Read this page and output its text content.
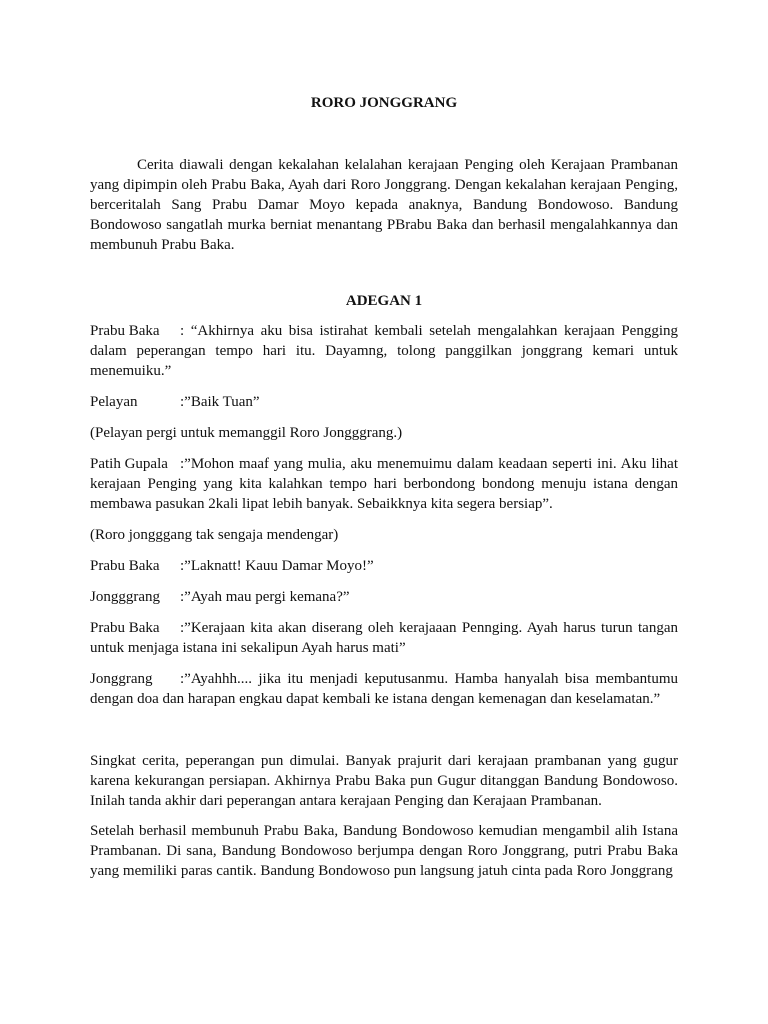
RORO JONGGRANG

Cerita diawali dengan kekalahan kelalahan kerajaan Penging oleh Kerajaan Prambanan yang dipimpin oleh Prabu Baka, Ayah dari Roro Jonggrang. Dengan kekalahan kerajaan Penging, berceritalah Sang Prabu Damar Moyo kepada anaknya, Bandung Bondowoso. Bandung Bondowoso sangatlah murka berniat menantang PBrabu Baka dan berhasil mengalahkannya dan membunuh Prabu Baka.

ADEGAN 1

Prabu Baka : “Akhirnya aku bisa istirahat kembali setelah mengalahkan kerajaan Pengging dalam peperangan tempo hari itu. Dayamng, tolong panggilkan jonggrang kemari untuk menemuiku.”

Pelayan	:”Baik Tuan”

(Pelayan pergi untuk memanggil Roro Jongggrang.)

Patih Gupala :”Mohon maaf yang mulia, aku menemuimu dalam keadaan seperti ini. Aku lihat kerajaan Penging yang kita kalahkan tempo hari berbondong bondong menuju istana dengan membawa pasukan 2kali lipat lebih banyak. Sebaikknya kita segera bersiap”.

(Roro jongggang tak sengaja mendengar)

Prabu Baka :”Laknatt! Kauu Damar Moyo!”

Jongggrang :”Ayah mau pergi kemana?”

Prabu Baka :”Kerajaan kita akan diserang oleh kerajaaan Pennging. Ayah harus turun tangan untuk menjaga istana ini sekalipun Ayah harus mati”

Jonggrang :”Ayahhh.... jika itu menjadi keputusanmu. Hamba hanyalah bisa membantumu dengan doa dan harapan engkau dapat kembali ke istana dengan kemenagan dan keselamatan.”

Singkat cerita, peperangan pun dimulai. Banyak prajurit dari kerajaan prambanan yang gugur karena kekurangan persiapan. Akhirnya Prabu Baka pun Gugur ditanggan Bandung Bondowoso. Inilah tanda akhir dari peperangan antara kerajaan Penging dan Kerajaan Prambanan.

Setelah berhasil membunuh Prabu Baka, Bandung Bondowoso kemudian mengambil alih Istana Prambanan. Di sana, Bandung Bondowoso berjumpa dengan Roro Jonggrang, putri Prabu Baka yang memiliki paras cantik. Bandung Bondowoso pun langsung jatuh cinta pada Roro Jonggrang
